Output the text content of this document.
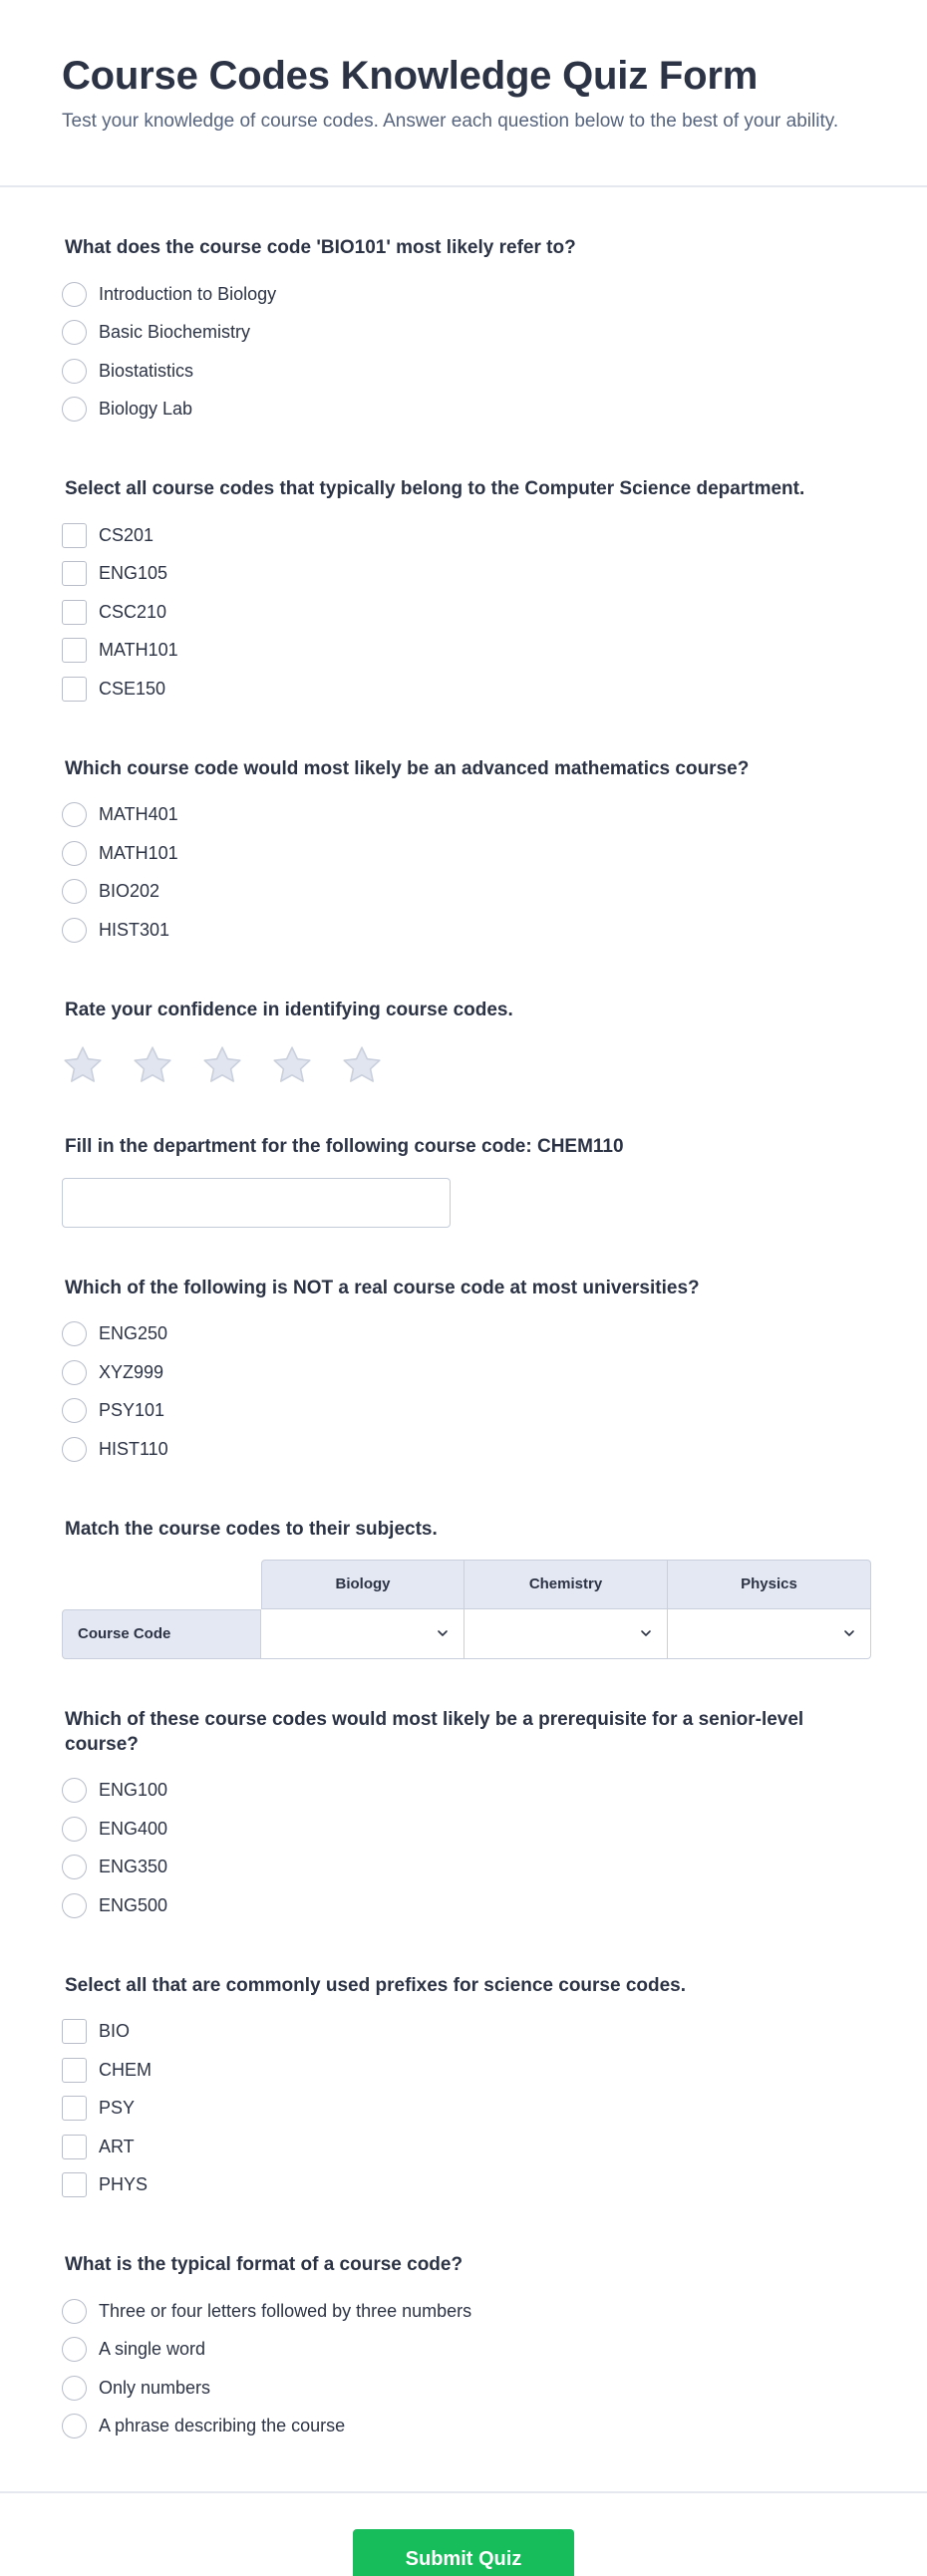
Course Codes Knowledge Quiz Form

Test your knowledge of course codes. Answer each question below to the best of your ability.

What does the course code 'BIO101' most likely refer to?
Introduction to Biology
Basic Biochemistry
Biostatistics
Biology Lab
Select all course codes that typically belong to the Computer Science department.
CS201
ENG105
CSC210
MATH101
CSE150
Which course code would most likely be an advanced mathematics course?
MATH401
MATH101
BIO202
HIST301
Rate your confidence in identifying course codes.
Fill in the department for the following course code: CHEM110
Which of the following is NOT a real course code at most universities?
ENG250
XYZ999
PSY101
HIST110
Match the course codes to their subjects.
Biology	Chemistry	Physics
Course Code
Which of these course codes would most likely be a prerequisite for a senior-level course?
ENG100
ENG400
ENG350
ENG500
Select all that are commonly used prefixes for science course codes.
BIO
CHEM
PSY
ART
PHYS
What is the typical format of a course code?
Three or four letters followed by three numbers
A single word
Only numbers
A phrase describing the course
Submit Quiz
